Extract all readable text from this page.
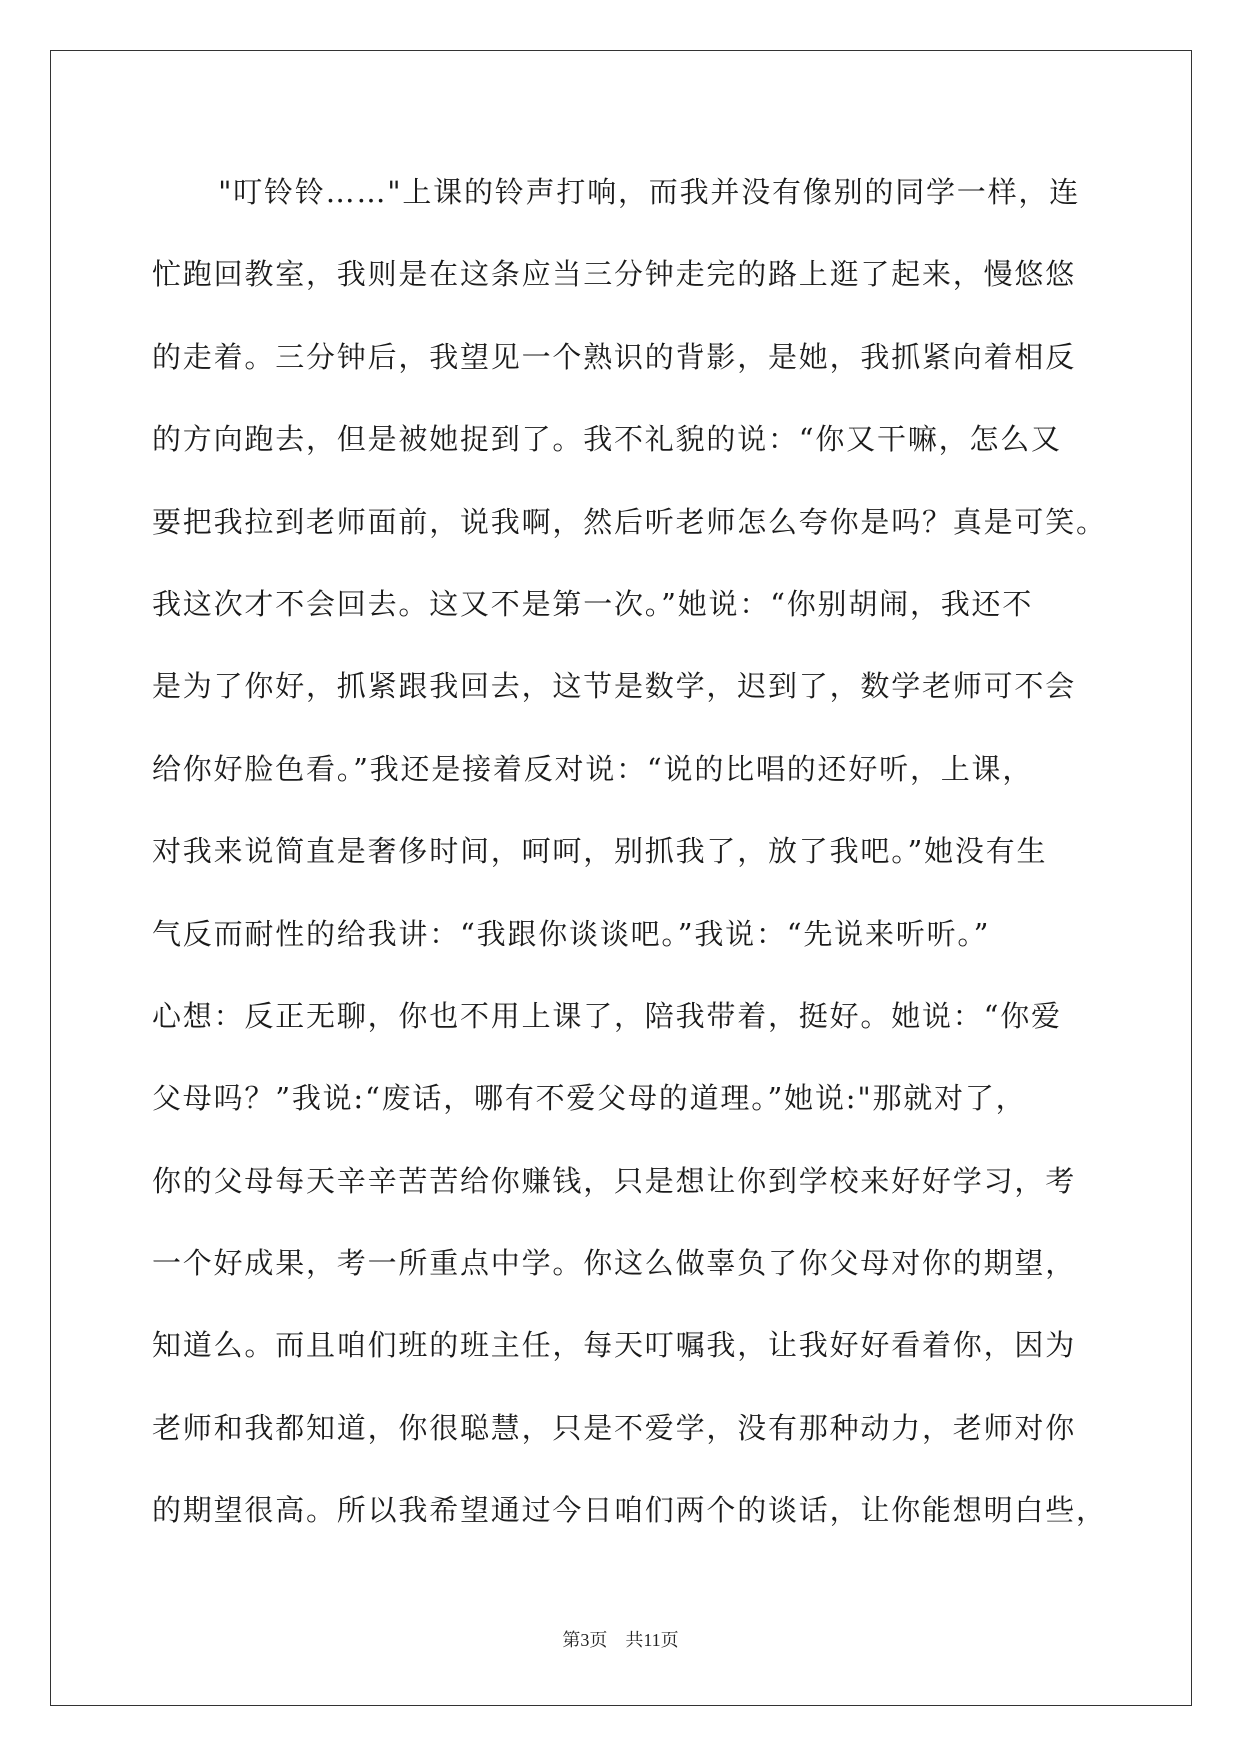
"叮铃铃……"上课的铃声打响，而我并没有像别的同学一样，连
忙跑回教室，我则是在这条应当三分钟走完的路上逛了起来，慢悠悠
的走着。三分钟后，我望见一个熟识的背影，是她，我抓紧向着相反
的方向跑去，但是被她捉到了。我不礼貌的说：“你又干嘛，怎么又
要把我拉到老师面前，说我啊，然后听老师怎么夸你是吗？真是可笑。
我这次才不会回去。这又不是第一次。”她说：“你别胡闹，我还不
是为了你好，抓紧跟我回去，这节是数学，迟到了，数学老师可不会
给你好脸色看。”我还是接着反对说：“说的比唱的还好听，上课，
对我来说简直是奢侈时间，呵呵，别抓我了，放了我吧。”她没有生
气反而耐性的给我讲：“我跟你谈谈吧。”我说：“先说来听听。”
心想：反正无聊，你也不用上课了，陪我带着，挺好。她说：“你爱
父母吗？”我说:“废话，哪有不爱父母的道理。”她说:"那就对了，
你的父母每天辛辛苦苦给你赚钱，只是想让你到学校来好好学习，考
一个好成果，考一所重点中学。你这么做辜负了你父母对你的期望，
知道么。而且咱们班的班主任，每天叮嘱我，让我好好看着你，因为
老师和我都知道，你很聪慧，只是不爱学，没有那种动力，老师对你
的期望很高。所以我希望通过今日咱们两个的谈话，让你能想明白些，
第3页    共11页
